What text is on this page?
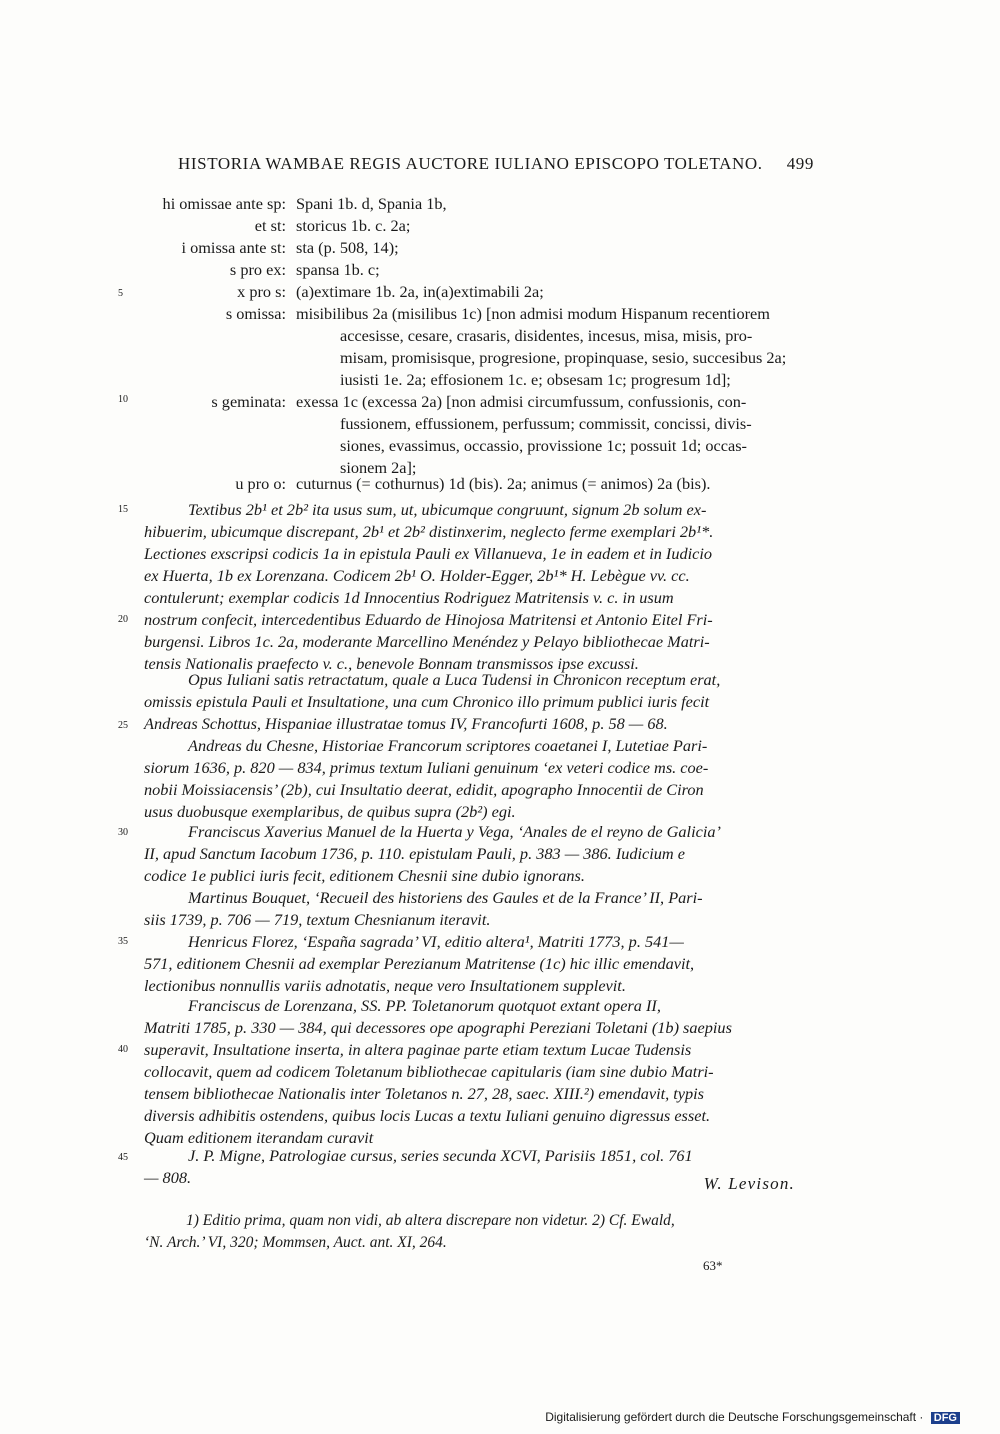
HISTORIA WAMBAE REGIS AUCTORE IULIANO EPISCOPO TOLETANO. 499
5
10
15
20
25
30
35
40
45
hi omissae ante sp: Spani 1b. d, Spania 1b,
et st: storicus 1b. c. 2a;
i omissa ante st: sta (p. 508, 14);
s pro ex: spansa 1b. c;
x pro s: (a)extimare 1b. 2a, in(a)extimabili 2a;
s omissa: misibilibus 2a (misilibus 1c) [non admisi modum Hispanum recentiorem
accesisse, cesare, crasaris, disidentes, incesus, misa, misis, pro-
misam, promisisque, progresione, propinquase, sesio, succesibus 2a;
iusisti 1e. 2a; effosionem 1c. e; obsesam 1c; progresum 1d];
s geminata: exessa 1c (excessa 2a) [non admisi circumfussum, confussionis, con-
fussionem, effussionem, perfussum; commissit, concissi, divis-
siones, evassimus, occassio, provissione 1c; possuit 1d; occas-
sionem 2a];
u pro o: cuturnus (= cothurnus) 1d (bis). 2a; animus (= animos) 2a (bis).
Textibus 2b¹ et 2b² ita usus sum, ut, ubicumque congruunt, signum 2b solum ex-
hibuerim, ubicumque discrepant, 2b¹ et 2b² distinxerim, neglecto ferme exemplari 2b¹*.
Lectiones exscripsi codicis 1a in epistula Pauli ex Villanueva, 1e in eadem et in Iudicio
ex Huerta, 1b ex Lorenzana. Codicem 2b¹ O. Holder-Egger, 2b¹* H. Lebègue vv. cc.
contulerunt; exemplar codicis 1d Innocentius Rodriguez Matritensis v. c. in usum
nostrum confecit, intercedentibus Eduardo de Hinojosa Matritensi et Antonio Eitel Fri-
burgensi. Libros 1c. 2a, moderante Marcellino Menéndez y Pelayo bibliothecae Matri-
tensis Nationalis praefecto v. c., benevole Bonnam transmissos ipse excussi.
Opus Iuliani satis retractatum, quale a Luca Tudensi in Chronicon receptum erat,
omissis epistula Pauli et Insultatione, una cum Chronico illo primum publici iuris fecit
Andreas Schottus, Hispaniae illustratae tomus IV, Francofurti 1608, p. 58 — 68.
Andreas du Chesne, Historiae Francorum scriptores coaetanei I, Lutetiae Pari-
siorum 1636, p. 820 — 834, primus textum Iuliani genuinum ‘ex veteri codice ms. coe-
nobii Moissiacensis’ (2b), cui Insultatio deerat, edidit, apographo Innocentii de Ciron
usus duobusque exemplaribus, de quibus supra (2b²) egi.
Franciscus Xaverius Manuel de la Huerta y Vega, ‘Anales de el reyno de Galicia’
II, apud Sanctum Iacobum 1736, p. 110. epistulam Pauli, p. 383 — 386. Iudicium e
codice 1e publici iuris fecit, editionem Chesnii sine dubio ignorans.
Martinus Bouquet, ‘Recueil des historiens des Gaules et de la France’ II, Pari-
siis 1739, p. 706 — 719, textum Chesnianum iteravit.
Henricus Florez, ‘España sagrada’ VI, editio altera¹, Matriti 1773, p. 541—
571, editionem Chesnii ad exemplar Perezianum Matritense (1c) hic illic emendavit,
lectionibus nonnullis variis adnotatis, neque vero Insultationem supplevit.
Franciscus de Lorenzana, SS. PP. Toletanorum quotquot extant opera II,
Matriti 1785, p. 330 — 384, qui decessores ope apographi Pereziani Toletani (1b) saepius
superavit, Insultatione inserta, in altera paginae parte etiam textum Lucae Tudensis
collocavit, quem ad codicem Toletanum bibliothecae capitularis (iam sine dubio Matri-
tensem bibliothecae Nationalis inter Toletanos n. 27, 28, saec. XIII.²) emendavit, typis
diversis adhibitis ostendens, quibus locis Lucas a textu Iuliani genuino digressus esset.
Quam editionem iterandam curavit
J. P. Migne, Patrologiae cursus, series secunda XCVI, Parisiis 1851, col. 761
— 808.	W. Levison.
1) Editio prima, quam non vidi, ab altera discrepare non videtur. 2) Cf. Ewald,
‘N. Arch.’ VI, 320; Mommsen, Auct. ant. XI, 264.
63*
Digitalisierung gefördert durch die Deutsche Forschungsgemeinschaft · DFG
